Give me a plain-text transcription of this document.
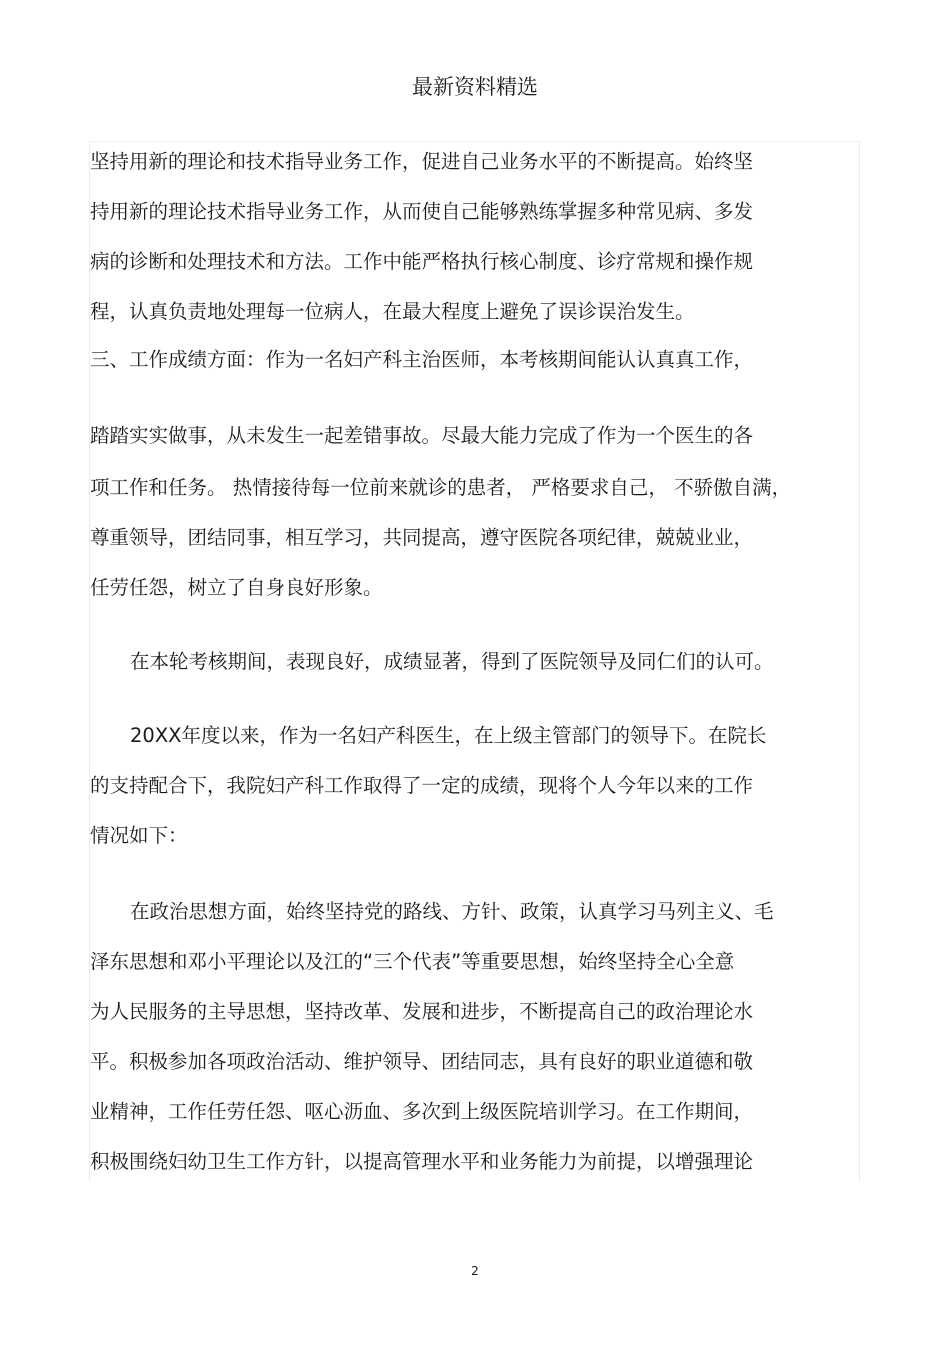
最新资料精选
坚持用新的理论和技术指导业务工作，促进自己业务水平的不断提高。始终坚
持用新的理论技术指导业务工作，从而使自己能够熟练掌握多种常见病、多发
病的诊断和处理技术和方法。工作中能严格执行核心制度、诊疗常规和操作规
程，认真负责地处理每一位病人，在最大程度上避免了误诊误治发生。
三、工作成绩方面：作为一名妇产科主治医师，本考核期间能认认真真工作，
踏踏实实做事，从未发生一起差错事故。尽最大能力完成了作为一个医生的各
项工作和任务。 热情接待每一位前来就诊的患者， 严格要求自己， 不骄傲自满，
尊重领导，团结同事，相互学习，共同提高，遵守医院各项纪律，兢兢业业，
任劳任怨，树立了自身良好形象。
在本轮考核期间，表现良好，成绩显著，得到了医院领导及同仁们的认可。
20XX年度以来，作为一名妇产科医生，在上级主管部门的领导下。在院长
的支持配合下，我院妇产科工作取得了一定的成绩，现将个人今年以来的工作
情况如下：
在政治思想方面，始终坚持党的路线、方针、政策，认真学习马列主义、毛
泽东思想和邓小平理论以及江的“三个代表”等重要思想，始终坚持全心全意
为人民服务的主导思想，坚持改革、发展和进步，不断提高自己的政治理论水
平。积极参加各项政治活动、维护领导、团结同志，具有良好的职业道德和敬
业精神，工作任劳任怨、呕心沥血、多次到上级医院培训学习。在工作期间，
积极围绕妇幼卫生工作方针，以提高管理水平和业务能力为前提，以增强理论
2
